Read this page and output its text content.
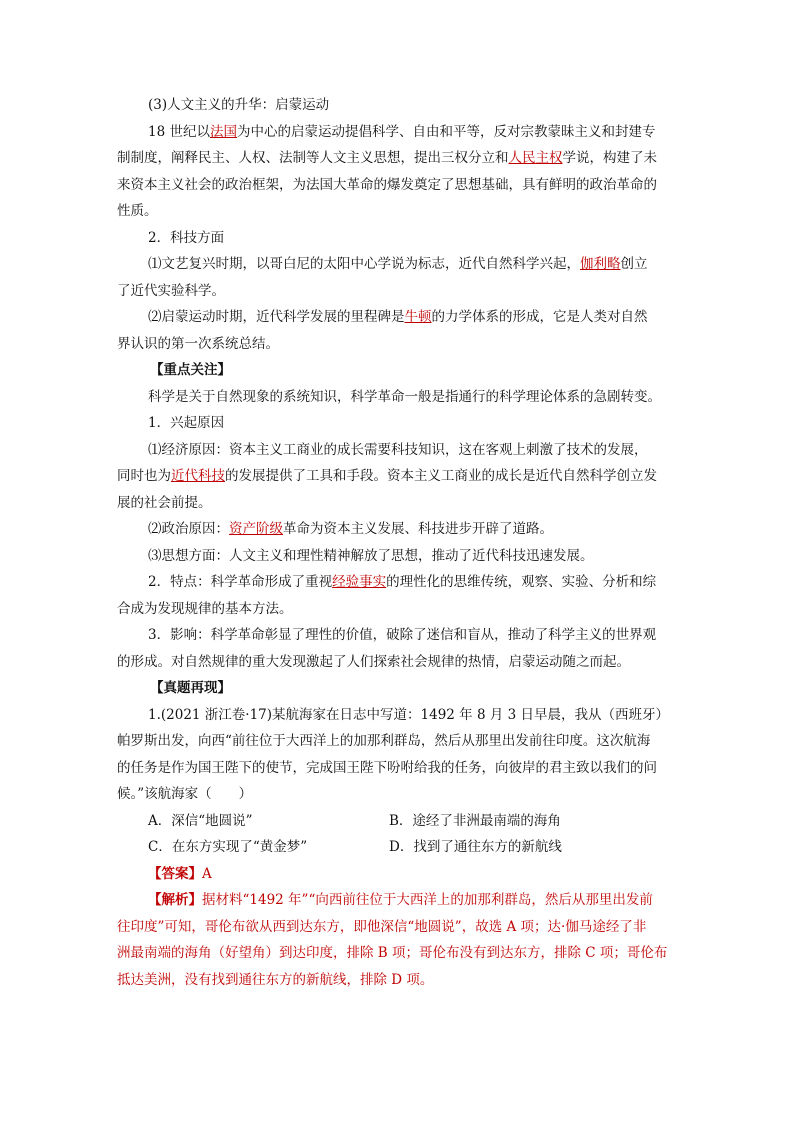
(3)人文主义的升华：启蒙运动
18 世纪以法国为中心的启蒙运动提倡科学、自由和平等，反对宗教蒙昧主义和封建专
制制度，阐释民主、人权、法制等人文主义思想，提出三权分立和人民主权学说，构建了未
来资本主义社会的政治框架，为法国大革命的爆发奠定了思想基础，具有鲜明的政治革命的
性质。
2．科技方面
⑴文艺复兴时期，以哥白尼的太阳中心学说为标志，近代自然科学兴起，伽利略创立
了近代实验科学。
⑵启蒙运动时期，近代科学发展的里程碑是牛顿的力学体系的形成，它是人类对自然
界认识的第一次系统总结。
【重点关注】
科学是关于自然现象的系统知识，科学革命一般是指通行的科学理论体系的急剧转变。
1．兴起原因
⑴经济原因：资本主义工商业的成长需要科技知识，这在客观上刺激了技术的发展，
同时也为近代科技的发展提供了工具和手段。资本主义工商业的成长是近代自然科学创立发
展的社会前提。
⑵政治原因：资产阶级革命为资本主义发展、科技进步开辟了道路。
⑶思想方面：人文主义和理性精神解放了思想，推动了近代科技迅速发展。
2．特点：科学革命形成了重视经验事实的理性化的思维传统，观察、实验、分析和综
合成为发现规律的基本方法。
3．影响：科学革命彰显了理性的价值，破除了迷信和盲从，推动了科学主义的世界观
的形成。对自然规律的重大发现激起了人们探索社会规律的热情，启蒙运动随之而起。
【真题再现】
1.(2021 浙江卷·17)某航海家在日志中写道：1492 年 8 月 3 日早晨，我从（西班牙）
帕罗斯出发，向西“前往位于大西洋上的加那利群岛，然后从那里出发前往印度。这次航海
的任务是作为国王陛下的使节，完成国王陛下吩咐给我的任务，向彼岸的君主致以我们的问
候。”该航海家（　　）
A．深信“地圆说”	B．途经了非洲最南端的海角
C．在东方实现了“黄金梦”	D．找到了通往东方的新航线
【答案】A
【解析】据材料“1492 年”“向西前往位于大西洋上的加那利群岛，然后从那里出发前
往印度”可知，哥伦布欲从西到达东方，即他深信“地圆说”，故选 A 项；达·伽马途经了非
洲最南端的海角（好望角）到达印度，排除 B 项；哥伦布没有到达东方，排除 C 项；哥伦布
抵达美洲，没有找到通往东方的新航线，排除 D 项。
